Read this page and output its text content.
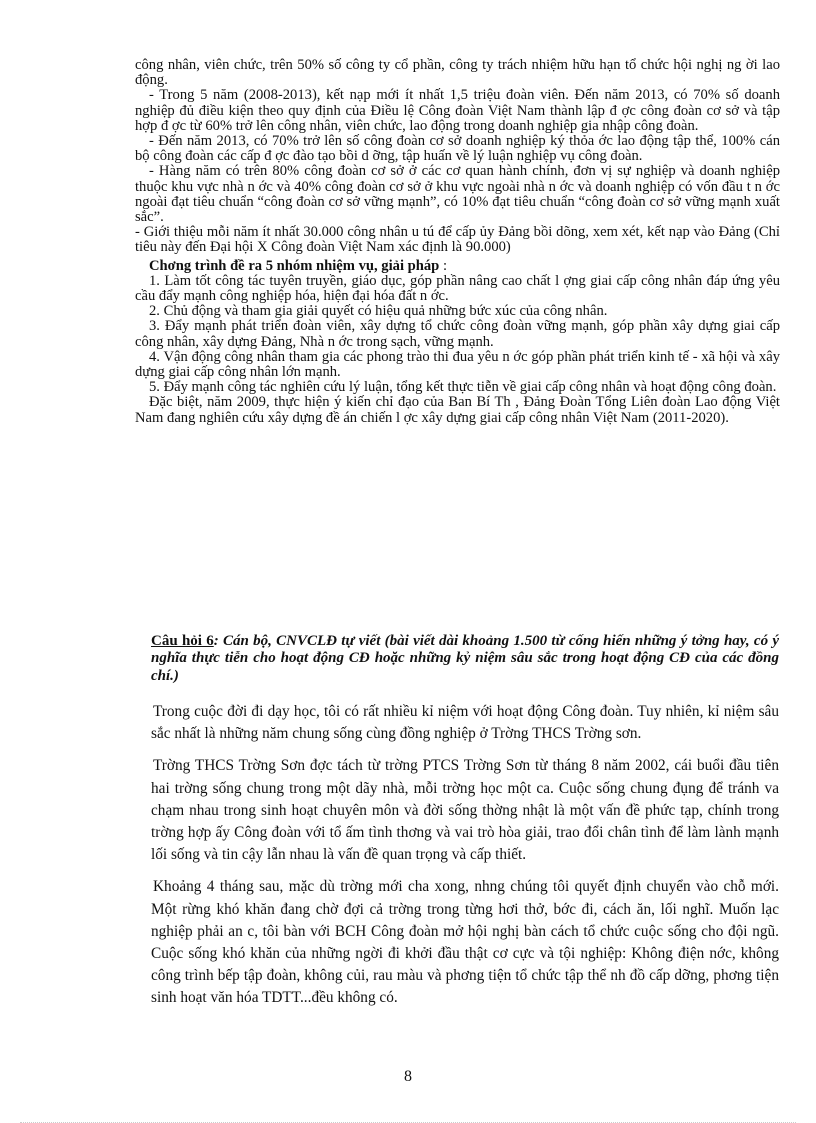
công nhân, viên chức, trên 50% số công ty cổ phần, công ty trách nhiệm hữu hạn tổ chức hội nghị ng ời lao động.

- Trong 5 năm (2008-2013), kết nạp mới ít nhất 1,5 triệu đoàn viên. Đến năm 2013, có 70% số doanh nghiệp đủ điều kiện theo quy định của Điều lệ Công đoàn Việt Nam thành lập đ ợc công đoàn cơ sở và tập hợp đ ợc từ 60% trở lên công nhân, viên chức, lao động trong doanh nghiệp gia nhập công đoàn.

- Đến năm 2013, có 70% trở lên số công đoàn cơ sở doanh nghiệp ký thỏa ớc lao động tập thể, 100% cán bộ công đoàn các cấp đ ợc đào tạo bồi d ỡng, tập huấn về lý luận nghiệp vụ công đoàn.

- Hàng năm có trên 80% công đoàn cơ sở ở các cơ quan hành chính, đơn vị sự nghiệp và doanh nghiệp thuộc khu vực nhà n ớc và 40% công đoàn cơ sở ở khu vực ngoài nhà n ớc và doanh nghiệp có vốn đầu t n ớc ngoài đạt tiêu chuẩn “công đoàn cơ sở vững mạnh”, có 10% đạt tiêu chuẩn “công đoàn cơ sở vững mạnh xuất sắc”.

- Giới thiệu mỗi năm ít nhất 30.000 công nhân u tú để cấp ủy Đảng bồi dõng, xem xét, kết nạp vào Đảng (Chỉ tiêu này đến Đại hội X Công đoàn Việt Nam xác định là 90.000)

Chơng trình đề ra 5 nhóm nhiệm vụ, giải pháp :

1. Làm tốt công tác tuyên truyền, giáo dục, góp phần nâng cao chất l ợng giai cấp công nhân đáp ứng yêu cầu đẩy mạnh công nghiệp hóa, hiện đại hóa đất n ớc.

2. Chủ động và tham gia giải quyết có hiệu quả những bức xúc của công nhân.

3. Đẩy mạnh phát triển đoàn viên, xây dựng tổ chức công đoàn vững mạnh, góp phần xây dựng giai cấp công nhân, xây dựng Đảng, Nhà n ớc trong sạch, vững mạnh.

4. Vận động công nhân tham gia các phong trào thi đua yêu n ớc góp phần phát triển kinh tế - xã hội và xây dựng giai cấp công nhân lớn mạnh.

5. Đẩy mạnh công tác nghiên cứu lý luận, tổng kết thực tiễn về giai cấp công nhân và hoạt động công đoàn.

Đặc biệt, năm 2009, thực hiện ý kiến chỉ đạo của Ban Bí Th , Đảng Đoàn Tổng Liên đoàn Lao động Việt Nam đang nghiên cứu xây dựng đề án chiến l ợc xây dựng giai cấp công nhân Việt Nam (2011-2020).

Câu hỏi 6: Cán bộ, CNVCLĐ tự viết (bài viết dài khoảng 1.500 từ cống hiến những ý tởng hay, có ý nghĩa thực tiễn cho hoạt động CĐ hoặc những kỷ niệm sâu sắc trong hoạt động CĐ của các đồng chí.)

Trong cuộc đời đi dạy học, tôi có rất nhiều kỉ niệm với hoạt động Công đoàn. Tuy nhiên, kỉ niệm sâu sắc nhất là những năm chung sống cùng đồng nghiệp ở Trờng THCS Trờng sơn.

Trờng THCS Trờng Sơn đợc tách từ trờng PTCS Trờng Sơn từ tháng 8 năm 2002, cái buổi đầu tiên hai trờng sống chung trong một dãy nhà, mỗi trờng học một ca. Cuộc sống chung đụng để tránh va chạm nhau trong sinh hoạt chuyên môn và đời sống thờng nhật là một vấn đề phức tạp, chính trong trờng hợp ấy Công đoàn với tổ ấm tình thơng và vai trò hòa giải, trao đổi chân tình để làm lành mạnh lối sống và tin cậy lẫn nhau là vấn đề quan trọng và cấp thiết.

Khoảng 4 tháng sau, mặc dù trờng mới cha xong, nhng chúng tôi quyết định chuyển vào chỗ mới. Một rừng khó khăn đang chờ đợi cả trờng trong từng hơi thở, bớc đi, cách ăn, lối nghĩ. Muốn lạc nghiệp phải an c, tôi bàn với BCH Công đoàn mở hội nghị bàn cách tổ chức cuộc sống cho đội ngũ. Cuộc sống khó khăn của những ngời đi khởi đầu thật cơ cực và tội nghiệp: Không điện nớc, không công trình bếp tập đoàn, không củi, rau màu và phơng tiện tổ chức tập thể nh đồ cấp dỡng, phơng tiện sinh hoạt văn hóa TDTT...đều không có.

8
